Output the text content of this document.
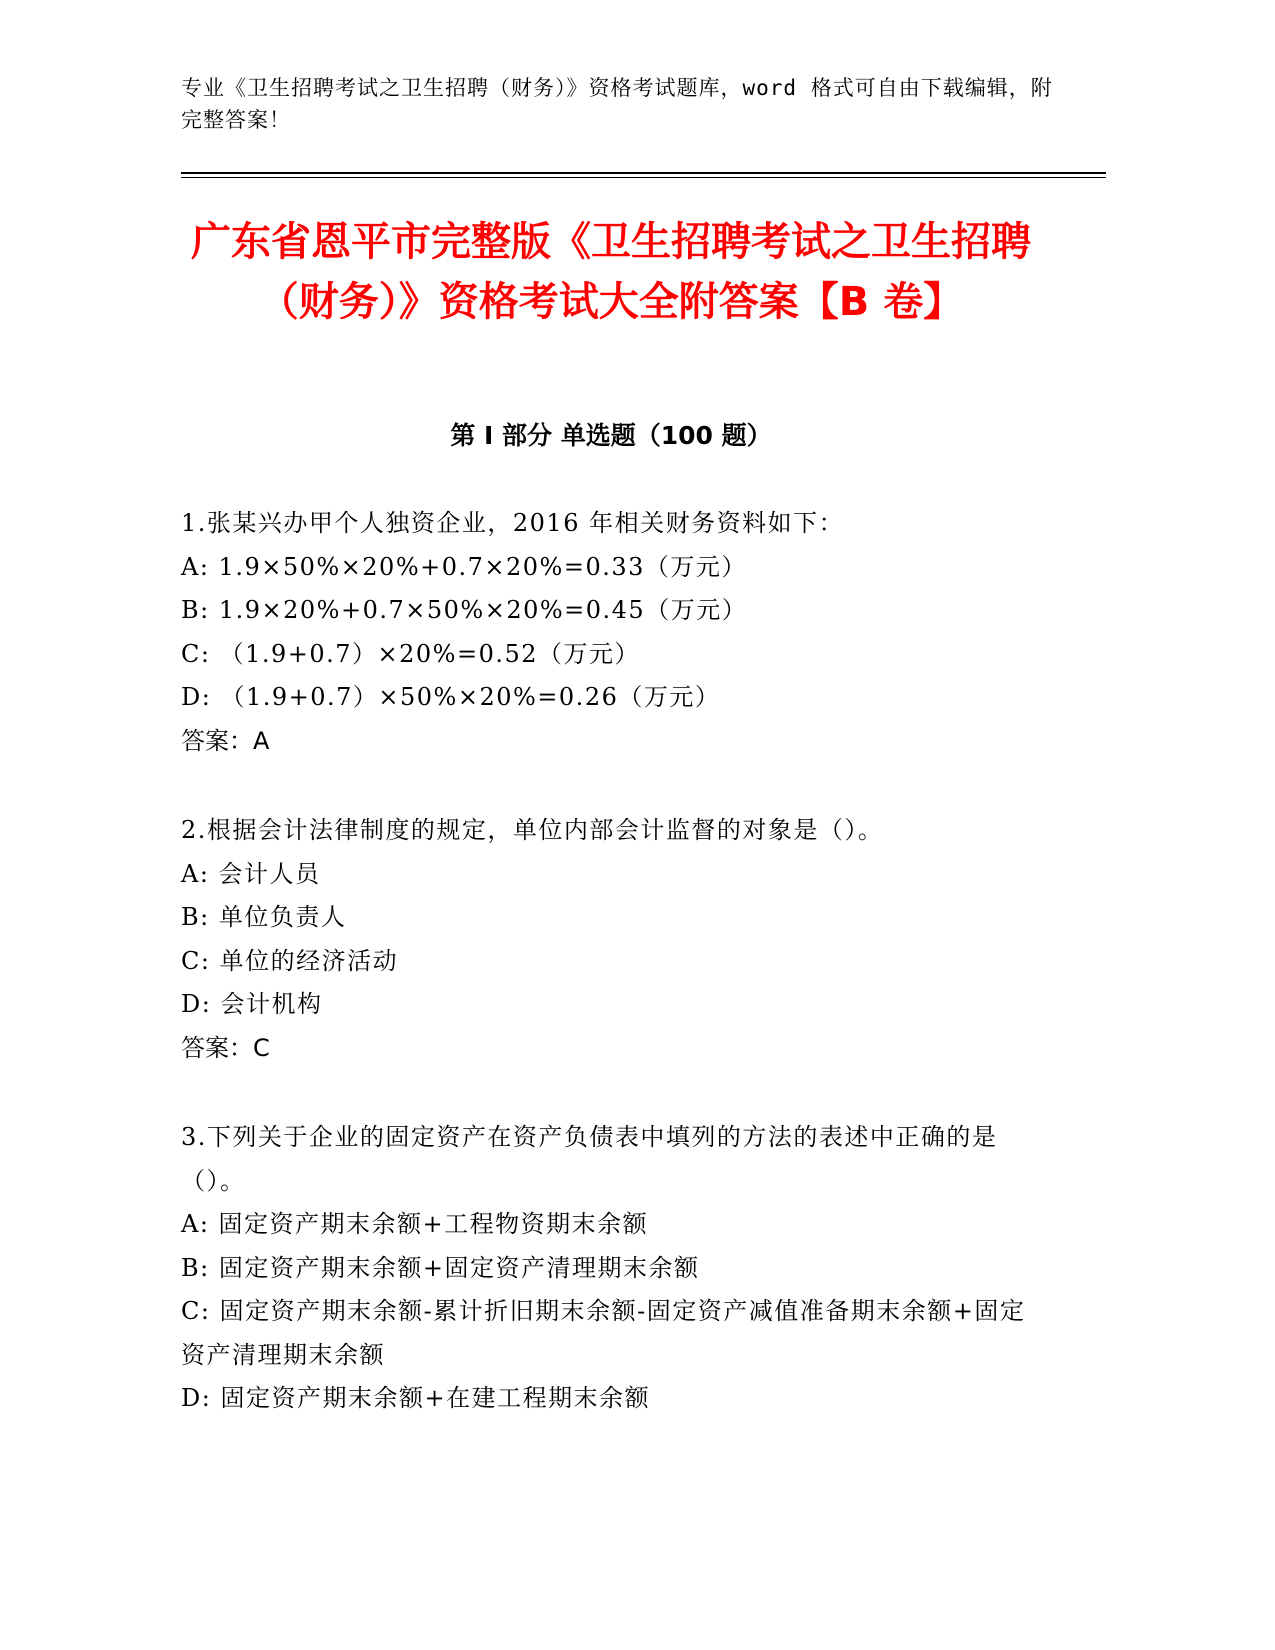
专业《卫生招聘考试之卫生招聘（财务）》资格考试题库，word 格式可自由下载编辑，附完整答案！

广东省恩平市完整版《卫生招聘考试之卫生招聘（财务）》资格考试大全附答案【B 卷】
第 I 部分 单选题（100 题）

1.张某兴办甲个人独资企业，2016 年相关财务资料如下：

A: 1.9×50%×20%+0.7×20%=0.33（万元）

B: 1.9×20%+0.7×50%×20%=0.45（万元）

C: （1.9+0.7）×20%=0.52（万元）

D: （1.9+0.7）×50%×20%=0.26（万元）

答案：A

2.根据会计法律制度的规定，单位内部会计监督的对象是（）。

A: 会计人员

B: 单位负责人

C: 单位的经济活动

D: 会计机构

答案：C

3.下列关于企业的固定资产在资产负债表中填列的方法的表述中正确的是（）。

A: 固定资产期末余额+工程物资期末余额

B: 固定资产期末余额+固定资产清理期末余额

C: 固定资产期末余额-累计折旧期末余额-固定资产减值准备期末余额+固定资产清理期末余额

D: 固定资产期末余额+在建工程期末余额
